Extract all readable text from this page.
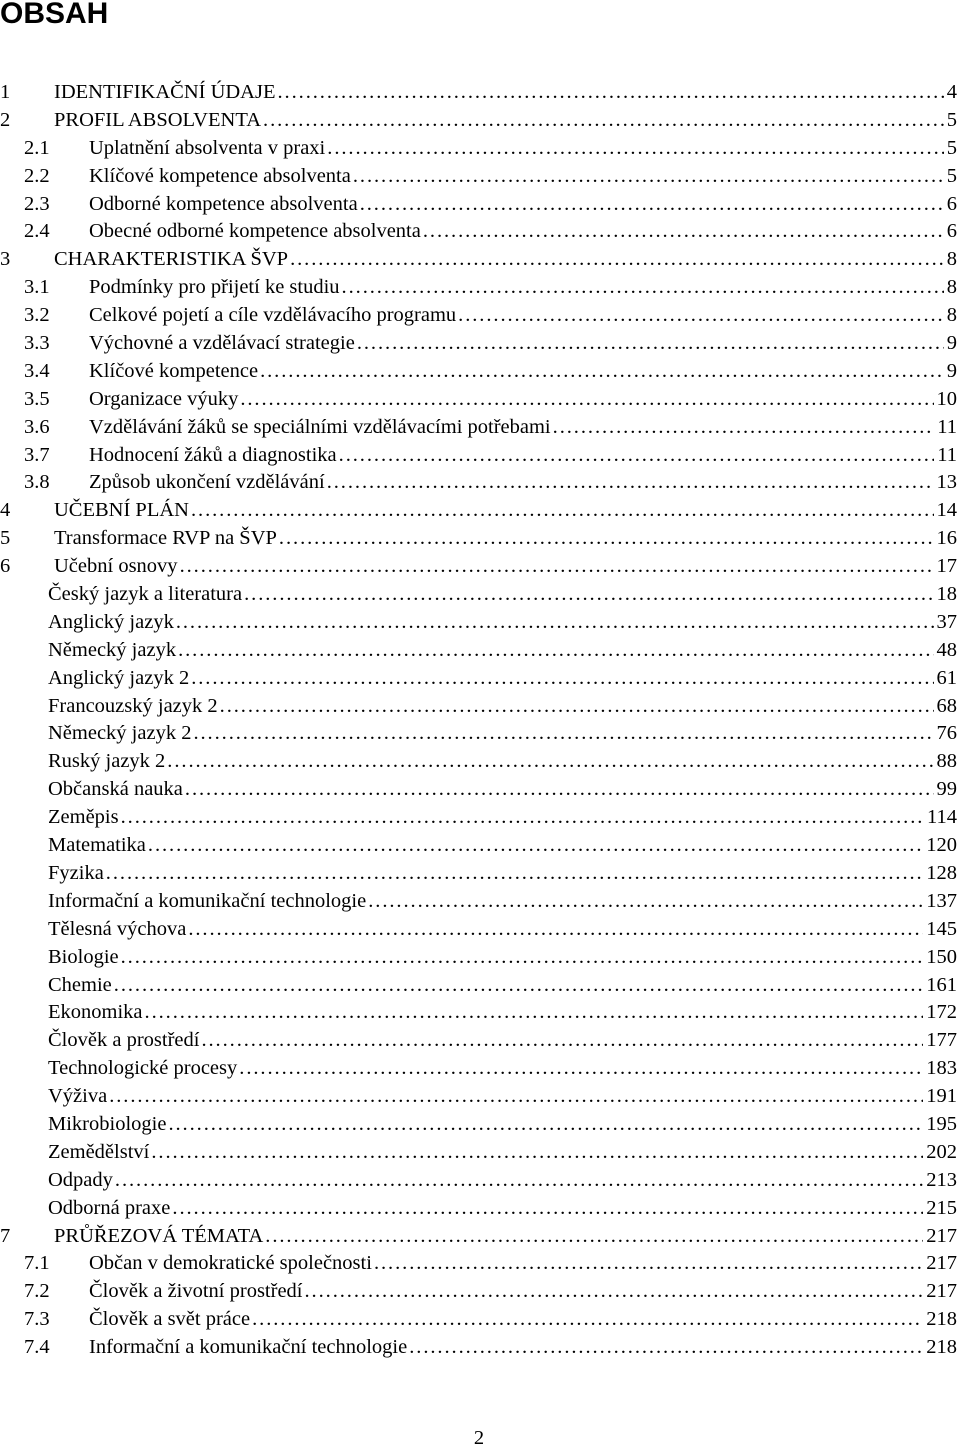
OBSAH
1	IDENTIFIKAČNÍ ÚDAJE . . .	4
2	PROFIL ABSOLVENTA . . .	5
2.1	Uplatnění absolventa v praxi . . .	5
2.2	Klíčové kompetence absolventa . . .	5
2.3	Odborné kompetence absolventa . . .	6
2.4	Obecné odborné kompetence absolventa . . .	6
3	CHARAKTERISTIKA ŠVP . . .	8
3.1	Podmínky pro přijetí ke studiu . . .	8
3.2	Celkové pojetí a cíle vzdělávacího programu . . .	8
3.3	Výchovné a vzdělávací strategie . . .	9
3.4	Klíčové kompetence . . .	9
3.5	Organizace výuky . . .	10
3.6	Vzdělávání žáků se speciálními vzdělávacími potřebami . . .	11
3.7	Hodnocení žáků a diagnostika . . .	11
3.8	Způsob ukončení vzdělávání . . .	13
4	UČEBNÍ PLÁN . . .	14
5	Transformace RVP na ŠVP . . .	16
6	Učební osnovy . . .	17
Český jazyk a literatura . . .	18
Anglický jazyk . . .	37
Německý jazyk . . .	48
Anglický jazyk 2 . . .	61
Francouzský jazyk 2 . . .	68
Německý jazyk 2 . . .	76
Ruský jazyk 2 . . .	88
Občanská nauka . . .	99
Zeměpis . . .	114
Matematika . . .	120
Fyzika . . .	128
Informační a komunikační technologie . . .	137
Tělesná výchova . . .	145
Biologie . . .	150
Chemie . . .	161
Ekonomika . . .	172
Člověk a prostředí . . .	177
Technologické procesy . . .	183
Výživa . . .	191
Mikrobiologie . . .	195
Zemědělství . . .	202
Odpady . . .	213
Odborná praxe . . .	215
7	PRŮŘEZOVÁ TÉMATA . . .	217
7.1	Občan v demokratické společnosti . . .	217
7.2	Člověk a životní prostředí . . .	217
7.3	Člověk a svět práce . . .	218
7.4	Informační a komunikační technologie . . .	218
2
